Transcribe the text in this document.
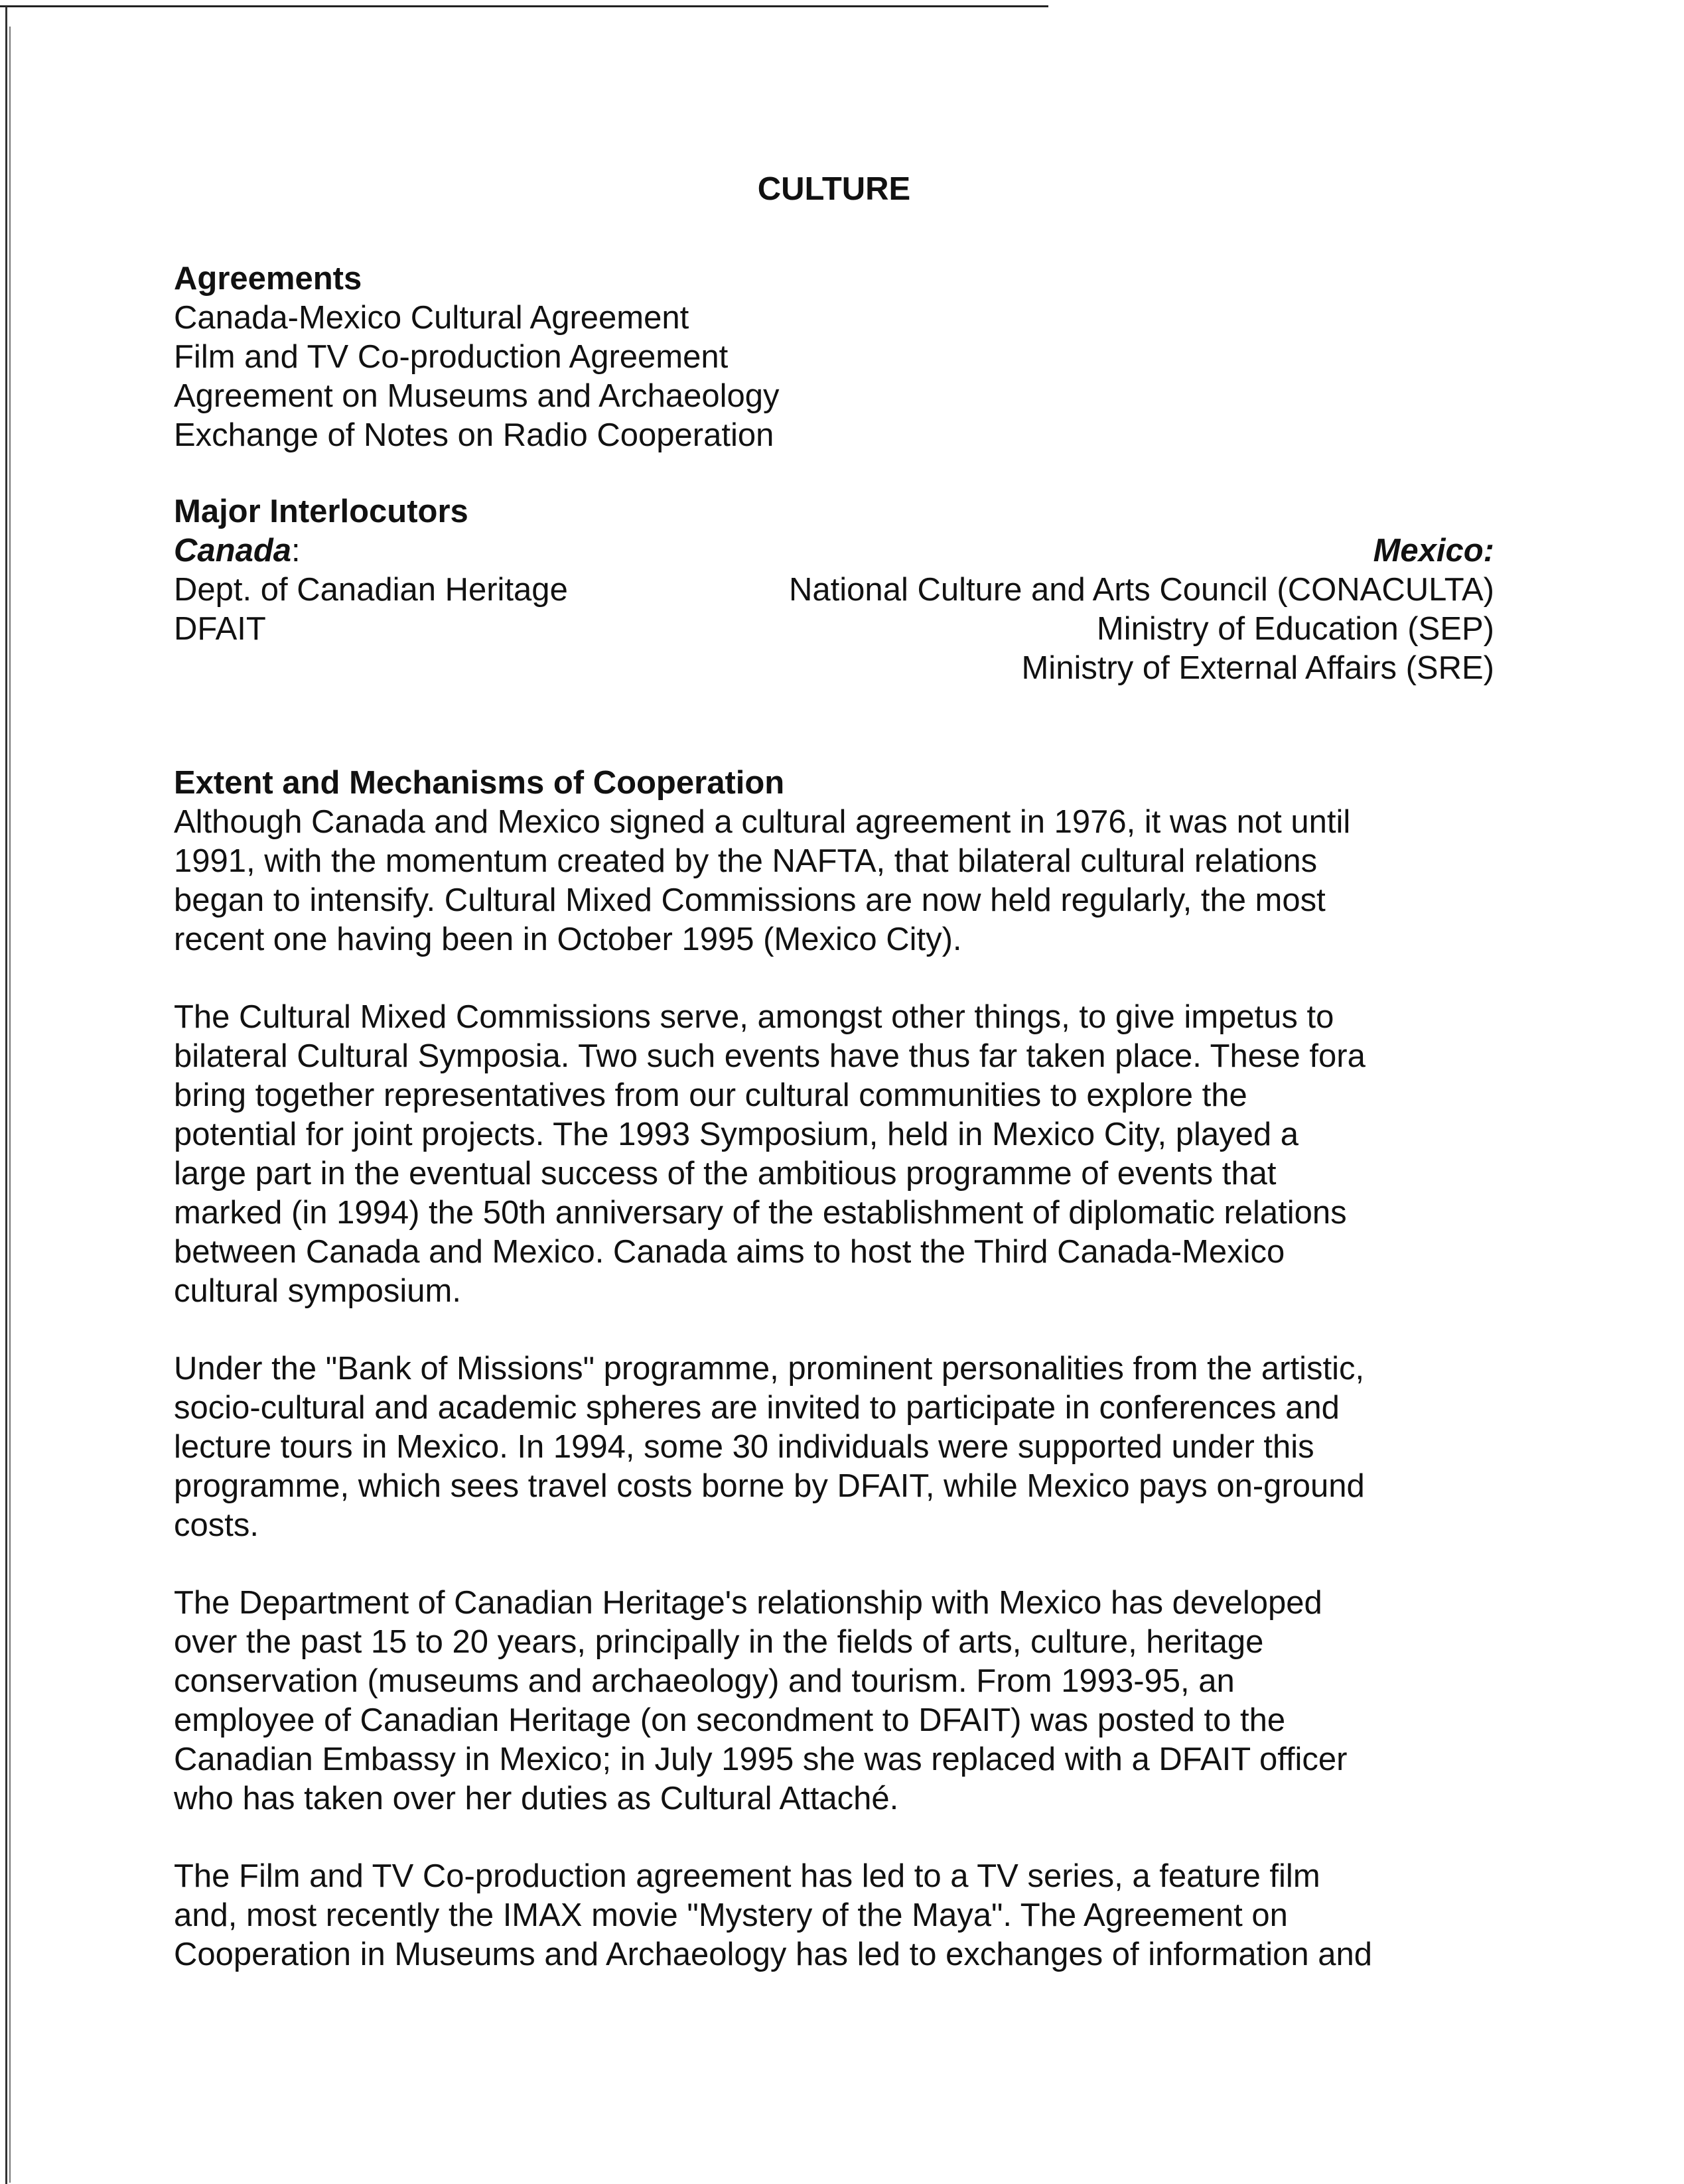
CULTURE
Agreements
Canada-Mexico Cultural Agreement
Film and TV Co-production Agreement
Agreement on Museums and Archaeology
Exchange of Notes on Radio Cooperation
Major Interlocutors
Canada:
Dept. of Canadian Heritage
DFAIT
Mexico:
National Culture and Arts Council (CONACULTA)
Ministry of Education (SEP)
Ministry of External Affairs (SRE)
Extent and Mechanisms of Cooperation
Although Canada and Mexico signed a cultural agreement in 1976, it was not until
1991, with the momentum created by the NAFTA, that bilateral cultural relations
began to intensify. Cultural Mixed Commissions are now held regularly, the most
recent one having been in October 1995 (Mexico City).
The Cultural Mixed Commissions serve, amongst other things, to give impetus to
bilateral Cultural Symposia. Two such events have thus far taken place. These fora
bring together representatives from our cultural communities to explore the
potential for joint projects. The 1993 Symposium, held in Mexico City, played a
large part in the eventual success of the ambitious programme of events that
marked (in 1994) the 50th anniversary of the establishment of diplomatic relations
between Canada and Mexico. Canada aims to host the Third Canada-Mexico
cultural symposium.
Under the "Bank of Missions" programme, prominent personalities from the artistic,
socio-cultural and academic spheres are invited to participate in conferences and
lecture tours in Mexico. In 1994, some 30 individuals were supported under this
programme, which sees travel costs borne by DFAIT, while Mexico pays on-ground
costs.
The Department of Canadian Heritage's relationship with Mexico has developed
over the past 15 to 20 years, principally in the fields of arts, culture, heritage
conservation (museums and archaeology) and tourism. From 1993-95, an
employee of Canadian Heritage (on secondment to DFAIT) was posted to the
Canadian Embassy in Mexico; in July 1995 she was replaced with a DFAIT officer
who has taken over her duties as Cultural Attaché.
The Film and TV Co-production agreement has led to a TV series, a feature film
and, most recently the IMAX movie "Mystery of the Maya". The Agreement on
Cooperation in Museums and Archaeology has led to exchanges of information and
